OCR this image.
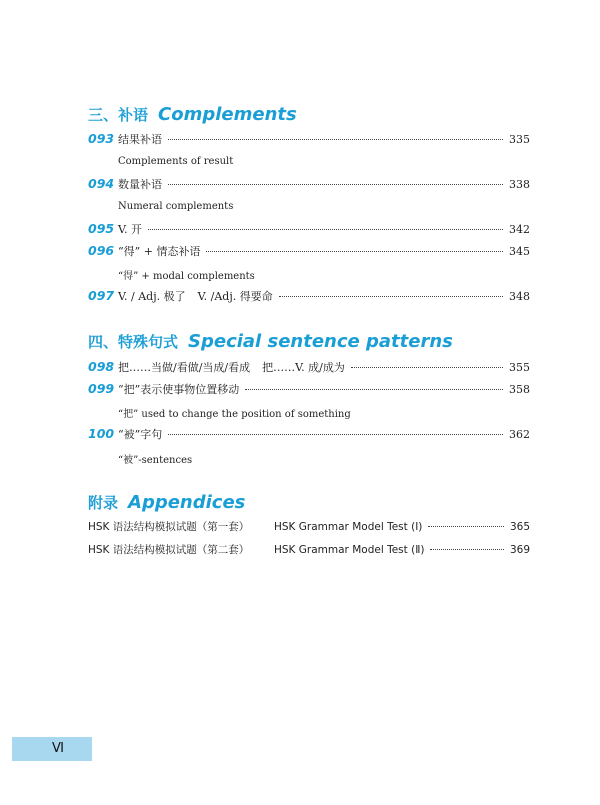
三、补语 Complements
093 结果补语	335
Complements of result
094 数量补语	338
Numeral complements
095 V. 开	342
096 “得” + 情态补语	345
“得” + modal complements
097 V. / Adj. 极了 V. /Adj. 得要命	348
四、特殊句式 Special sentence patterns
098 把……当做/看做/当成/看成 把……V. 成/成为	355
099 “把”表示使事物位置移动	358
“把” used to change the position of something
100 “被”字句	362
“被”-sentences
附录 Appendices
HSK 语法结构模拟试题（第一套）	HSK Grammar Model Test (Ⅰ)	365
HSK 语法结构模拟试题（第二套）	HSK Grammar Model Test (Ⅱ)	369
Ⅵ
